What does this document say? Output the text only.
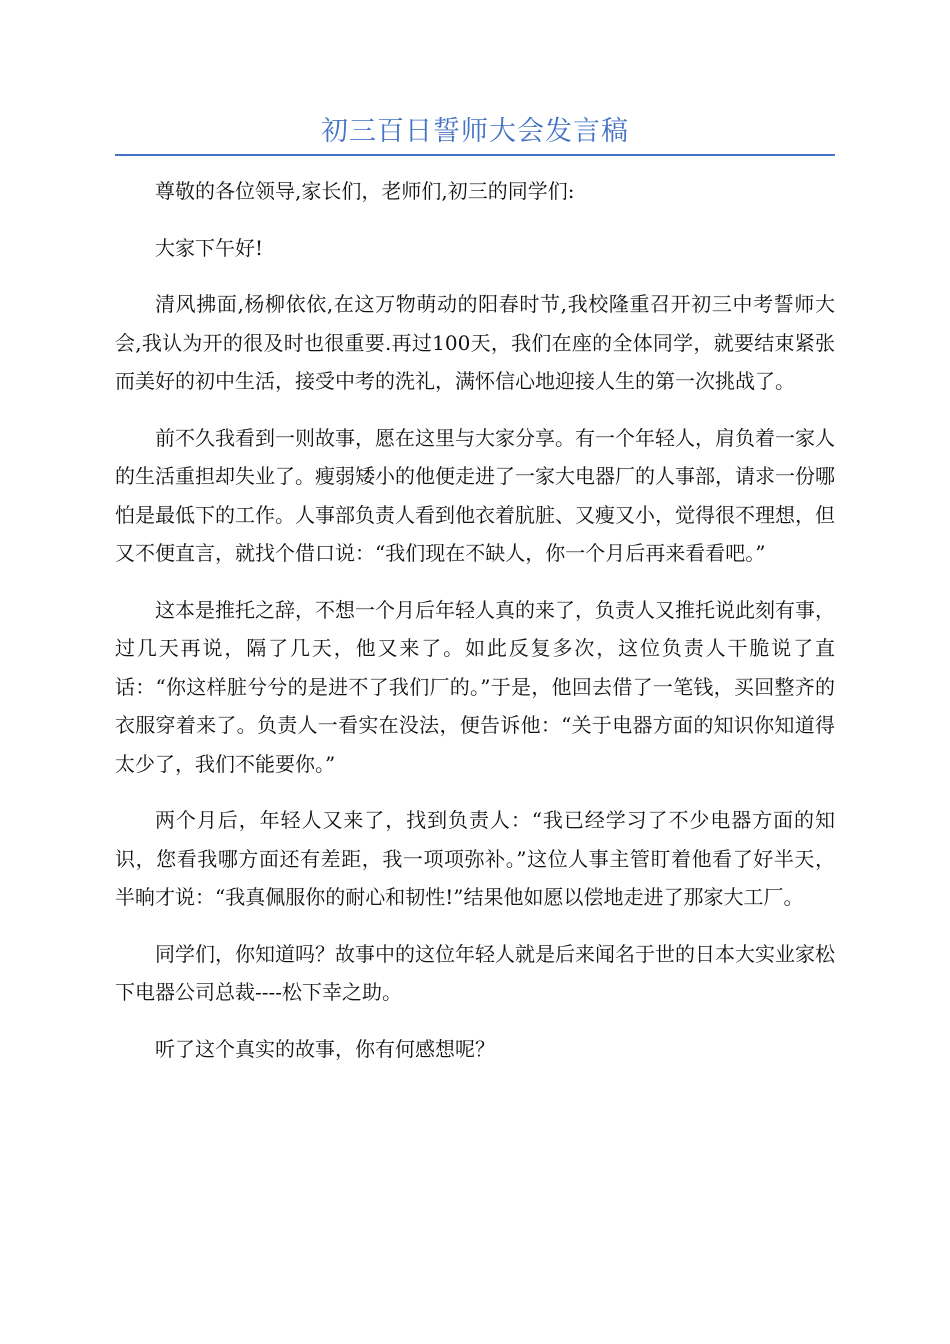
初三百日誓师大会发言稿

尊敬的各位领导,家长们，老师们,初三的同学们:

大家下午好!

清风拂面,杨柳依依,在这万物萌动的阳春时节,我校隆重召开初三中考誓师大会,我认为开的很及时也很重要.再过100天，我们在座的全体同学，就要结束紧张而美好的初中生活，接受中考的洗礼，满怀信心地迎接人生的第一次挑战了。

前不久我看到一则故事，愿在这里与大家分享。有一个年轻人，肩负着一家人的生活重担却失业了。瘦弱矮小的他便走进了一家大电器厂的人事部，请求一份哪怕是最低下的工作。人事部负责人看到他衣着肮脏、又瘦又小，觉得很不理想，但又不便直言，就找个借口说：“我们现在不缺人，你一个月后再来看看吧。”

这本是推托之辞，不想一个月后年轻人真的来了，负责人又推托说此刻有事，过几天再说，隔了几天，他又来了。如此反复多次，这位负责人干脆说了直话：“你这样脏兮兮的是进不了我们厂的。”于是，他回去借了一笔钱，买回整齐的衣服穿着来了。负责人一看实在没法，便告诉他：“关于电器方面的知识你知道得太少了，我们不能要你。”

两个月后，年轻人又来了，找到负责人：“我已经学习了不少电器方面的知识，您看我哪方面还有差距，我一项项弥补。”这位人事主管盯着他看了好半天，半晌才说：“我真佩服你的耐心和韧性!”结果他如愿以偿地走进了那家大工厂。

同学们，你知道吗？故事中的这位年轻人就是后来闻名于世的日本大实业家松下电器公司总裁----松下幸之助。

听了这个真实的故事，你有何感想呢？
